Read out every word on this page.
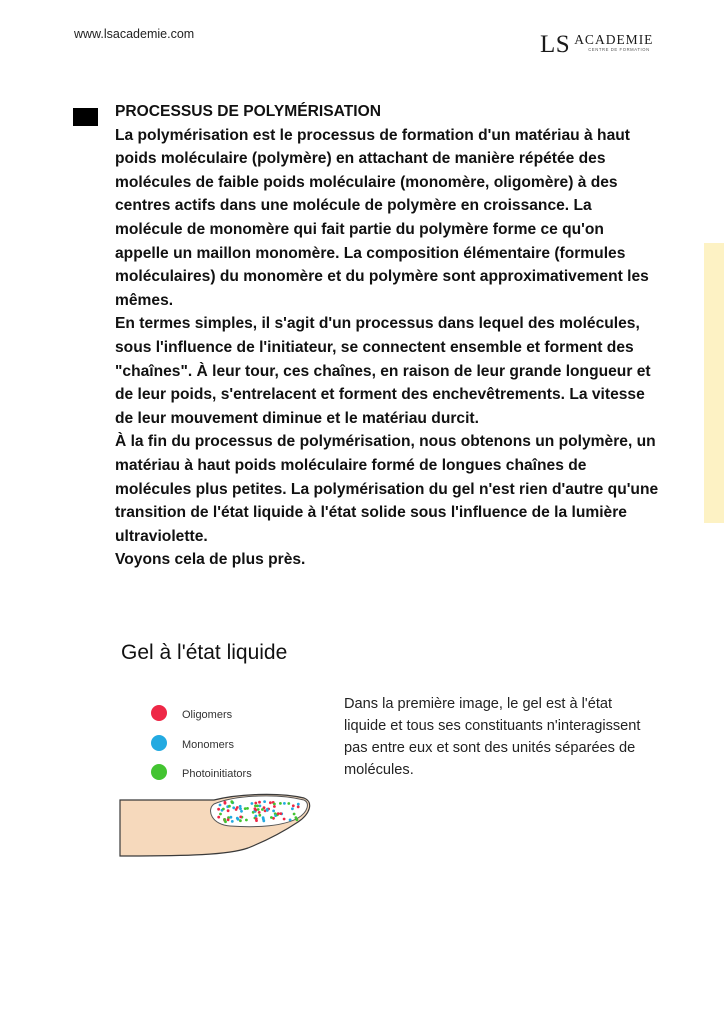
www.lsacademie.com	LS ACADEMIE
CENTRE DE FORMATION

PROCESSUS DE POLYMÉRISATION

La polymérisation est le processus de formation d'un matériau à haut poids moléculaire (polymère) en attachant de manière répétée des molécules de faible poids moléculaire (monomère, oligomère) à des centres actifs dans une molécule de polymère en croissance. La molécule de monomère qui fait partie du polymère forme ce qu'on appelle un maillon monomère. La composition élémentaire (formules moléculaires) du monomère et du polymère sont approximativement les mêmes.

En termes simples, il s'agit d'un processus dans lequel des molécules, sous l'influence de l'initiateur, se connectent ensemble et forment des "chaînes". À leur tour, ces chaînes, en raison de leur grande longueur et de leur poids, s'entrelacent et forment des enchevêtrements. La vitesse de leur mouvement diminue et le matériau durcit.

À la fin du processus de polymérisation, nous obtenons un polymère, un matériau à haut poids moléculaire formé de longues chaînes de molécules plus petites. La polymérisation du gel n'est rien d'autre qu'une transition de l'état liquide à l'état solide sous l'influence de la lumière ultraviolette.

Voyons cela de plus près.

Gel à l'état liquide
Oligomers
Monomers
Photoinitiators

Dans la première image, le gel est à l'état liquide et tous ses constituants n'interagissent pas entre eux et sont des unités séparées de molécules.
